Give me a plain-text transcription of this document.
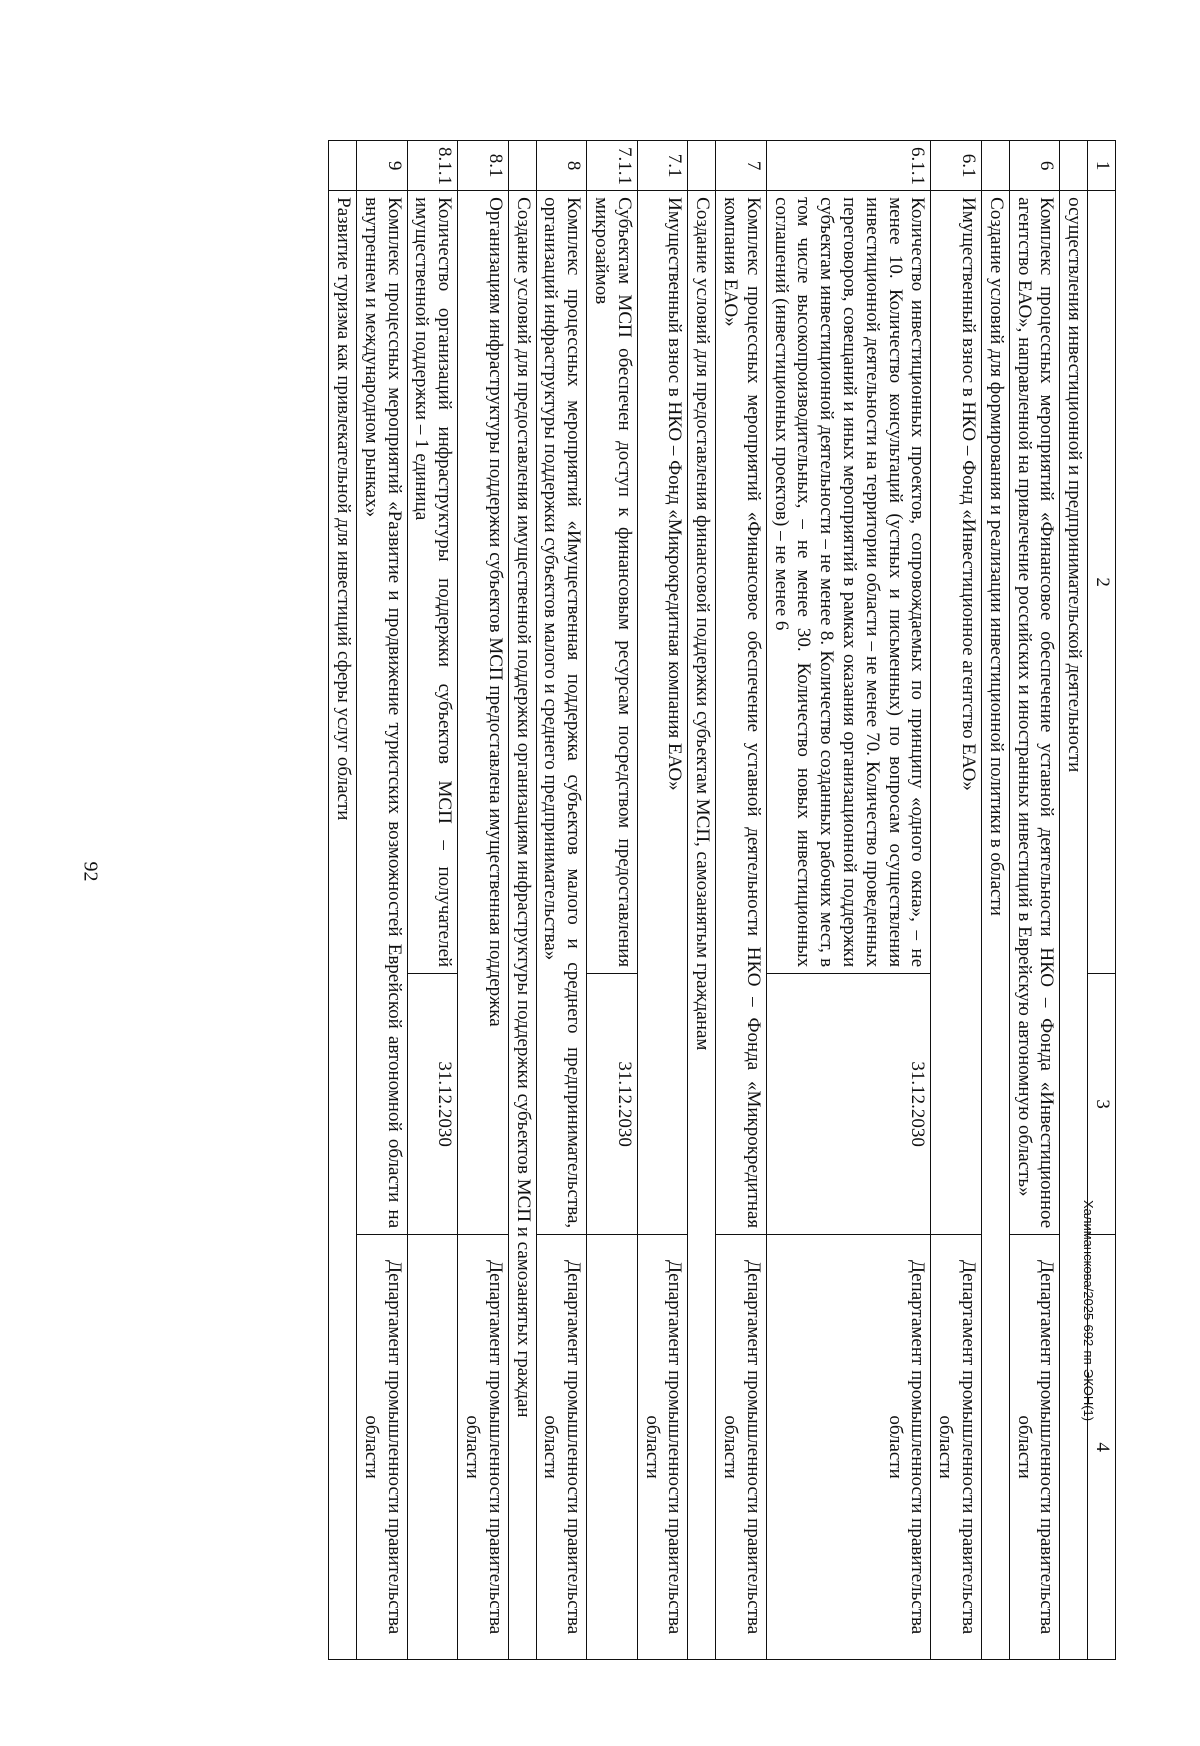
92
1	2	3	4
	осуществления инвестиционной и предпринимательской деятельности		
6	Комплекс процессных мероприятий «Финансовое обеспечение уставной деятельности НКО – Фонда «Инвестиционное агентство ЕАО», направленной на привлечение российских и иностранных инвестиций в Еврейскую автономную область»		Департамент промышленности правительства области
	Создание условий для формирования и реализации инвестиционной политики в области		
6.1	Имущественный взнос в НКО – Фонд «Инвестиционное агентство ЕАО»		Департамент промышленности правительства области
6.1.1	Количество инвестиционных проектов, сопровождаемых по принципу «одного окна», – не менее 10. Количество консультаций (устных и письменных) по вопросам осуществления инвестиционной деятельности на территории области – не менее 70. Количество проведенных переговоров, совещаний и иных мероприятий в рамках оказания организационной поддержки субъектам инвестиционной деятельности – не менее 8. Количество созданных рабочих мест, в том числе высокопроизводительных, – не менее 30. Количество новых инвестиционных соглашений (инвестиционных проектов) – не менее 6	31.12.2030	Департамент промышленности правительства области
7	Комплекс процессных мероприятий «Финансовое обеспечение уставной деятельности НКО – Фонда «Микрокредитная компания ЕАО»		Департамент промышленности правительства области
	Создание условий для предоставления финансовой поддержки субъектам МСП, самозанятым гражданам		
7.1	Имущественный взнос в НКО – Фонд «Микрокредитная компания ЕАО»		Департамент промышленности правительства области
7.1.1	Субъектам МСП обеспечен доступ к финансовым ресурсам посредством предоставления микрозаймов	31.12.2030	
8	Комплекс процессных мероприятий «Имущественная поддержка субъектов малого и среднего предпринимательства, организаций инфраструктуры поддержки субъектов малого и среднего предпринимательства»		Департамент промышленности правительства области
	Создание условий для предоставления имущественной поддержки организациям инфраструктуры поддержки субъектов МСП и самозанятых граждан		
8.1	Организациям инфраструктуры поддержки субъектов МСП предоставлена имущественная поддержка		Департамент промышленности правительства области
8.1.1	Количество организаций инфраструктуры поддержки субъектов МСП – получателей имущественной поддержки – 1 единица	31.12.2030	
9	Комплекс процессных мероприятий «Развитие и продвижение туристских возможностей Еврейской автономной области на внутреннем и международном рынках»		Департамент промышленности правительства области
	Развитие туризма как привлекательной для инвестиций сферы услуг области		
Халиманскова/2025-692-пп-ЭКОН(1)
